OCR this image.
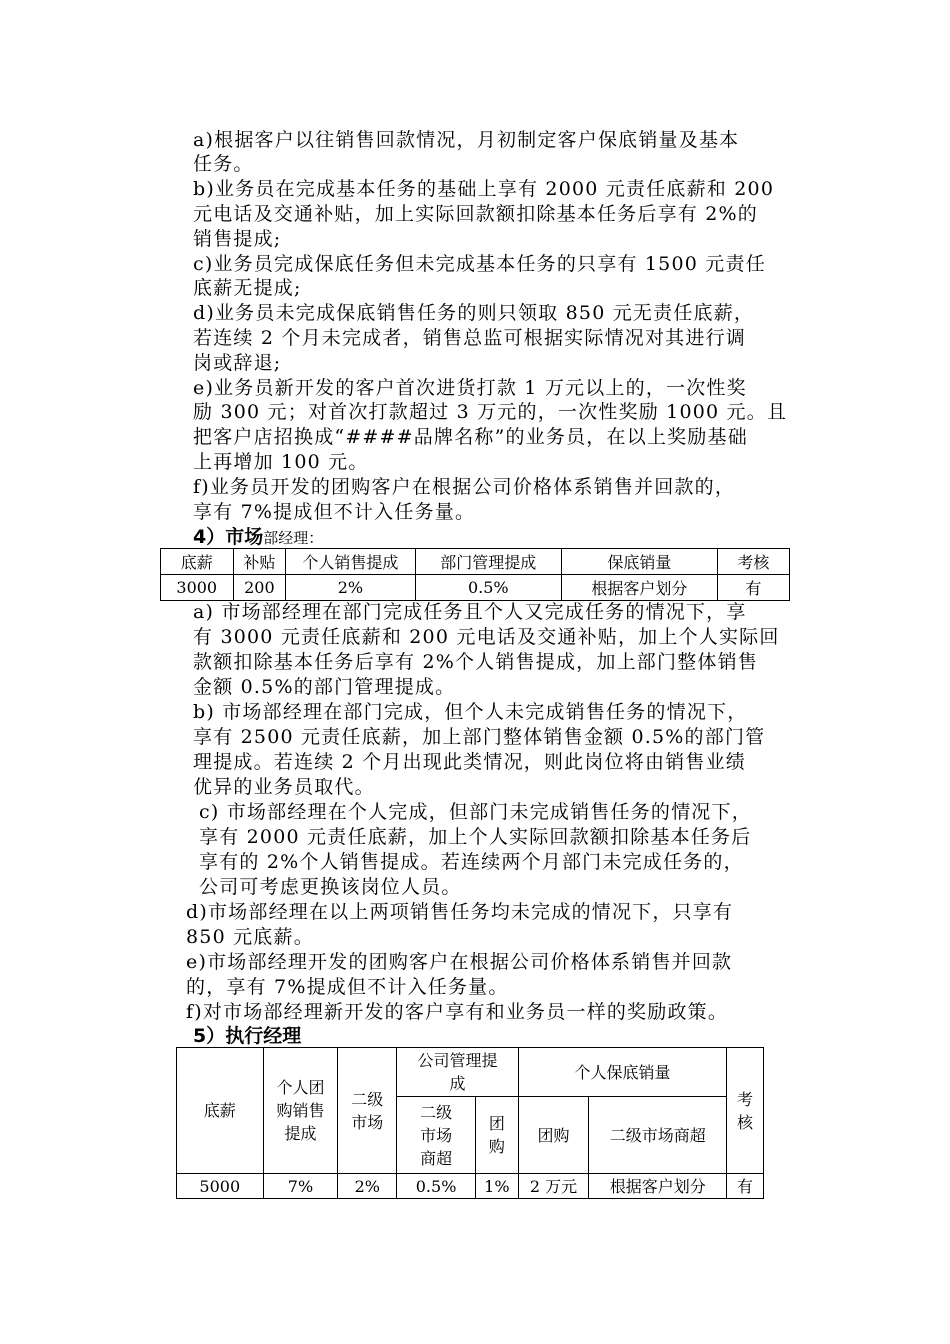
a)根据客户以往销售回款情况，月初制定客户保底销量及基本
任务。
b)业务员在完成基本任务的基础上享有 2000 元责任底薪和 200
元电话及交通补贴，加上实际回款额扣除基本任务后享有 2%的
销售提成;
c)业务员完成保底任务但未完成基本任务的只享有 1500 元责任
底薪无提成;
d)业务员未完成保底销售任务的则只领取 850 元无责任底薪，
若连续 2 个月未完成者，销售总监可根据实际情况对其进行调
岗或辞退;
e)业务员新开发的客户首次进货打款 1 万元以上的，一次性奖
励 300 元；对首次打款超过 3 万元的，一次性奖励 1000 元。且
把客户店招换成“####品牌名称”的业务员，在以上奖励基础
上再增加 100 元。
f)业务员开发的团购客户在根据公司价格体系销售并回款的，
享有 7%提成但不计入任务量。
4）市场部经理：
底薪	补贴	个人销售提成	部门管理提成	保底销量	考核
3000	200	2%	0.5%	根据客户划分	有
a) 市场部经理在部门完成任务且个人又完成任务的情况下，享
有 3000 元责任底薪和 200 元电话及交通补贴，加上个人实际回
款额扣除基本任务后享有 2%个人销售提成，加上部门整体销售
金额 0.5%的部门管理提成。
b) 市场部经理在部门完成，但个人未完成销售任务的情况下，
享有 2500 元责任底薪，加上部门整体销售金额 0.5%的部门管
理提成。若连续 2 个月出现此类情况，则此岗位将由销售业绩
优异的业务员取代。
c) 市场部经理在个人完成，但部门未完成销售任务的情况下，
享有 2000 元责任底薪，加上个人实际回款额扣除基本任务后
享有的 2%个人销售提成。若连续两个月部门未完成任务的，
公司可考虑更换该岗位人员。
d)市场部经理在以上两项销售任务均未完成的情况下，只享有
850 元底薪。
e)市场部经理开发的团购客户在根据公司价格体系销售并回款
的，享有 7%提成但不计入任务量。
f)对市场部经理新开发的客户享有和业务员一样的奖励政策。
5）执行经理
底薪	个人团购销售提成	二级市场	公司管理提成		个人保底销量		考核

			二级市场商超	团购	团购	二级市场商超	
5000	7%	2%	0.5%	1%	2 万元	根据客户划分	有
